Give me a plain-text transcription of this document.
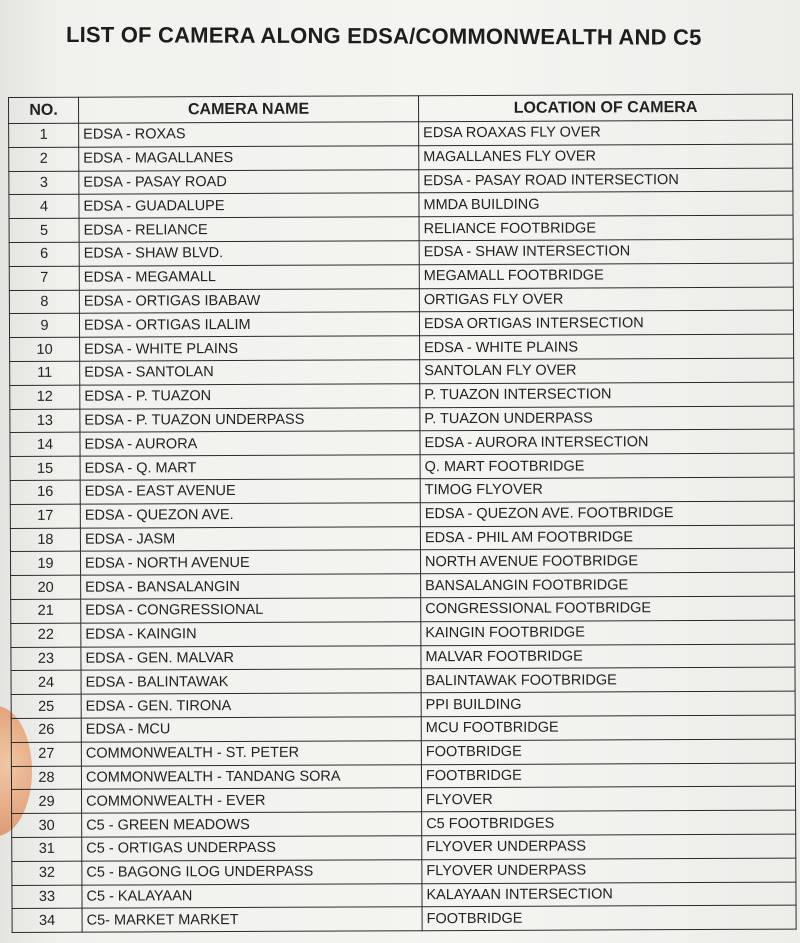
LIST OF CAMERA ALONG EDSA/COMMONWEALTH AND C5
NO.	CAMERA NAME	LOCATION OF CAMERA
1	EDSA - ROXAS	EDSA ROAXAS FLY OVER
2	EDSA - MAGALLANES	MAGALLANES FLY OVER
3	EDSA - PASAY ROAD	EDSA - PASAY ROAD INTERSECTION
4	EDSA - GUADALUPE	MMDA BUILDING
5	EDSA - RELIANCE	RELIANCE FOOTBRIDGE
6	EDSA - SHAW BLVD.	EDSA - SHAW INTERSECTION
7	EDSA - MEGAMALL	MEGAMALL FOOTBRIDGE
8	EDSA - ORTIGAS IBABAW	ORTIGAS FLY OVER
9	EDSA - ORTIGAS ILALIM	EDSA ORTIGAS INTERSECTION
10	EDSA - WHITE PLAINS	EDSA - WHITE PLAINS
11	EDSA - SANTOLAN	SANTOLAN FLY OVER
12	EDSA - P. TUAZON	P. TUAZON INTERSECTION
13	EDSA - P. TUAZON UNDERPASS	P. TUAZON UNDERPASS
14	EDSA - AURORA	EDSA - AURORA INTERSECTION
15	EDSA - Q. MART	Q. MART FOOTBRIDGE
16	EDSA - EAST AVENUE	TIMOG FLYOVER
17	EDSA - QUEZON AVE.	EDSA - QUEZON AVE. FOOTBRIDGE
18	EDSA - JASM	EDSA - PHIL AM FOOTBRIDGE
19	EDSA - NORTH AVENUE	NORTH AVENUE FOOTBRIDGE
20	EDSA - BANSALANGIN	BANSALANGIN FOOTBRIDGE
21	EDSA - CONGRESSIONAL	CONGRESSIONAL FOOTBRIDGE
22	EDSA - KAINGIN	KAINGIN FOOTBRIDGE
23	EDSA - GEN. MALVAR	MALVAR FOOTBRIDGE
24	EDSA - BALINTAWAK	BALINTAWAK FOOTBRIDGE
25	EDSA - GEN. TIRONA	PPI BUILDING
26	EDSA - MCU	MCU FOOTBRIDGE
27	COMMONWEALTH - ST. PETER	FOOTBRIDGE
28	COMMONWEALTH - TANDANG SORA	FOOTBRIDGE
29	COMMONWEALTH - EVER	FLYOVER
30	C5 - GREEN MEADOWS	C5 FOOTBRIDGES
31	C5 - ORTIGAS UNDERPASS	FLYOVER UNDERPASS
32	C5 - BAGONG ILOG UNDERPASS	FLYOVER UNDERPASS
33	C5 - KALAYAAN	KALAYAAN INTERSECTION
34	C5- MARKET MARKET	FOOTBRIDGE
